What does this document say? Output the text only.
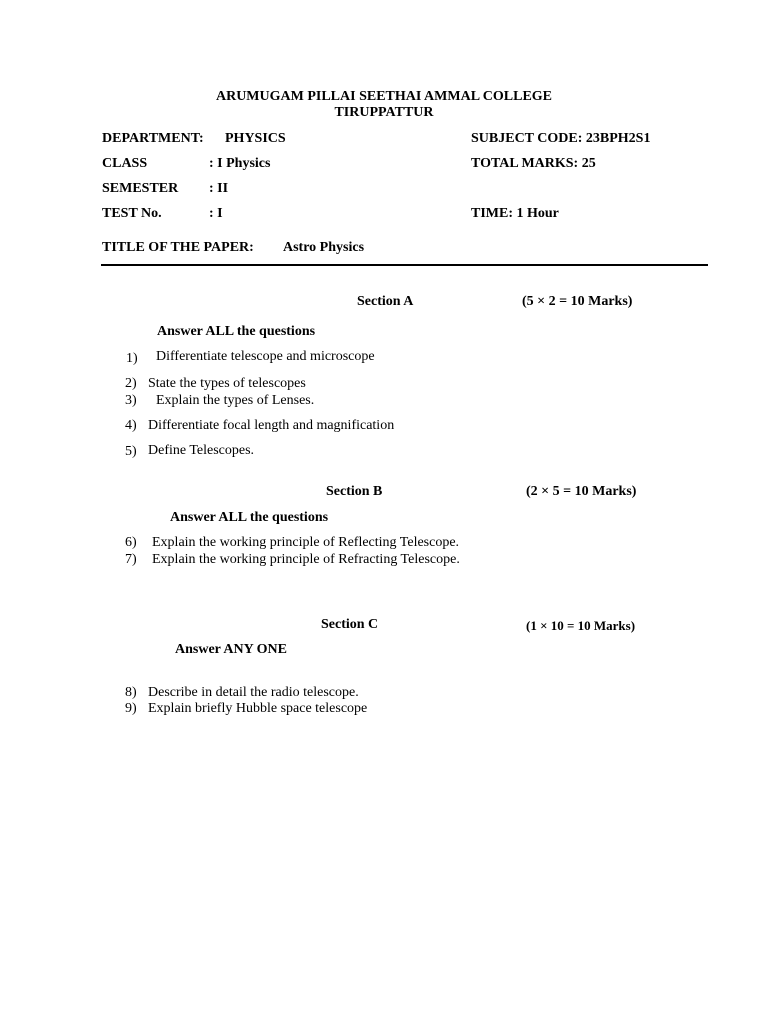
ARUMUGAM PILLAI SEETHAI AMMAL COLLEGE
TIRUPPATTUR
DEPARTMENT: PHYSICS	SUBJECT CODE: 23BPH2S1
CLASS	: I Physics	TOTAL MARKS: 25
SEMESTER : II
TEST No.	: I	TIME: 1 Hour
TITLE OF THE PAPER: Astro Physics
Section A	(5 × 2 = 10 Marks)
Answer ALL the questions
1) Differentiate telescope and microscope
2) State the types of telescopes
3) Explain the types of Lenses.
4) Differentiate focal length and magnification
5) Define Telescopes.
Section B	(2 × 5 = 10 Marks)
Answer ALL the questions
6) Explain the working principle of Reflecting Telescope.
7) Explain the working principle of Refracting Telescope.
Section C	(1 × 10 = 10 Marks)
Answer ANY ONE
8) Describe in detail the radio telescope.
9) Explain briefly Hubble space telescope
